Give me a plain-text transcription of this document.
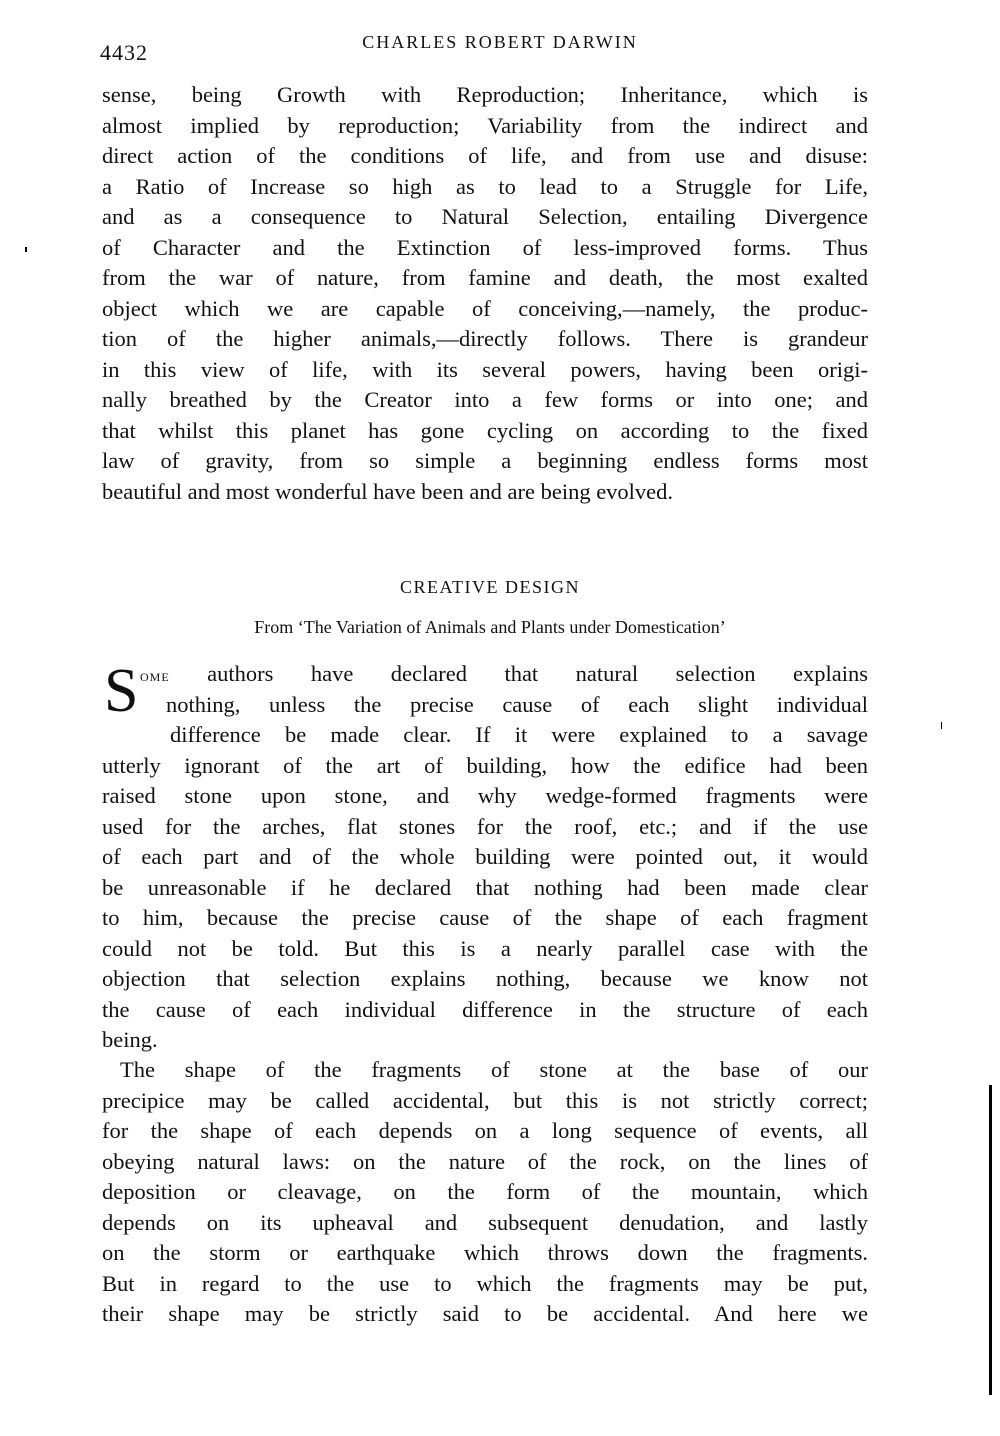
4432	CHARLES ROBERT DARWIN
sense, being Growth with Reproduction; Inheritance, which is
almost implied by reproduction; Variability from the indirect and
direct action of the conditions of life, and from use and disuse:
a Ratio of Increase so high as to lead to a Struggle for Life,
and as a consequence to Natural Selection, entailing Divergence
of Character and the Extinction of less-improved forms. Thus
from the war of nature, from famine and death, the most exalted
object which we are capable of conceiving,—namely, the produc-
tion of the higher animals,—directly follows. There is grandeur
in this view of life, with its several powers, having been origi-
nally breathed by the Creator into a few forms or into one; and
that whilst this planet has gone cycling on according to the fixed
law of gravity, from so simple a beginning endless forms most
beautiful and most wonderful have been and are being evolved.
CREATIVE DESIGN
From ‘The Variation of Animals and Plants under Domestication’
S ome authors have declared that natural selection explains
nothing, unless the precise cause of each slight individual
difference be made clear. If it were explained to a savage
utterly ignorant of the art of building, how the edifice had been
raised stone upon stone, and why wedge-formed fragments were
used for the arches, flat stones for the roof, etc.; and if the use
of each part and of the whole building were pointed out, it would
be unreasonable if he declared that nothing had been made clear
to him, because the precise cause of the shape of each fragment
could not be told. But this is a nearly parallel case with the
objection that selection explains nothing, because we know not
the cause of each individual difference in the structure of each
being.
The shape of the fragments of stone at the base of our
precipice may be called accidental, but this is not strictly correct;
for the shape of each depends on a long sequence of events, all
obeying natural laws: on the nature of the rock, on the lines of
deposition or cleavage, on the form of the mountain, which
depends on its upheaval and subsequent denudation, and lastly
on the storm or earthquake which throws down the fragments.
But in regard to the use to which the fragments may be put,
their shape may be strictly said to be accidental. And here we
